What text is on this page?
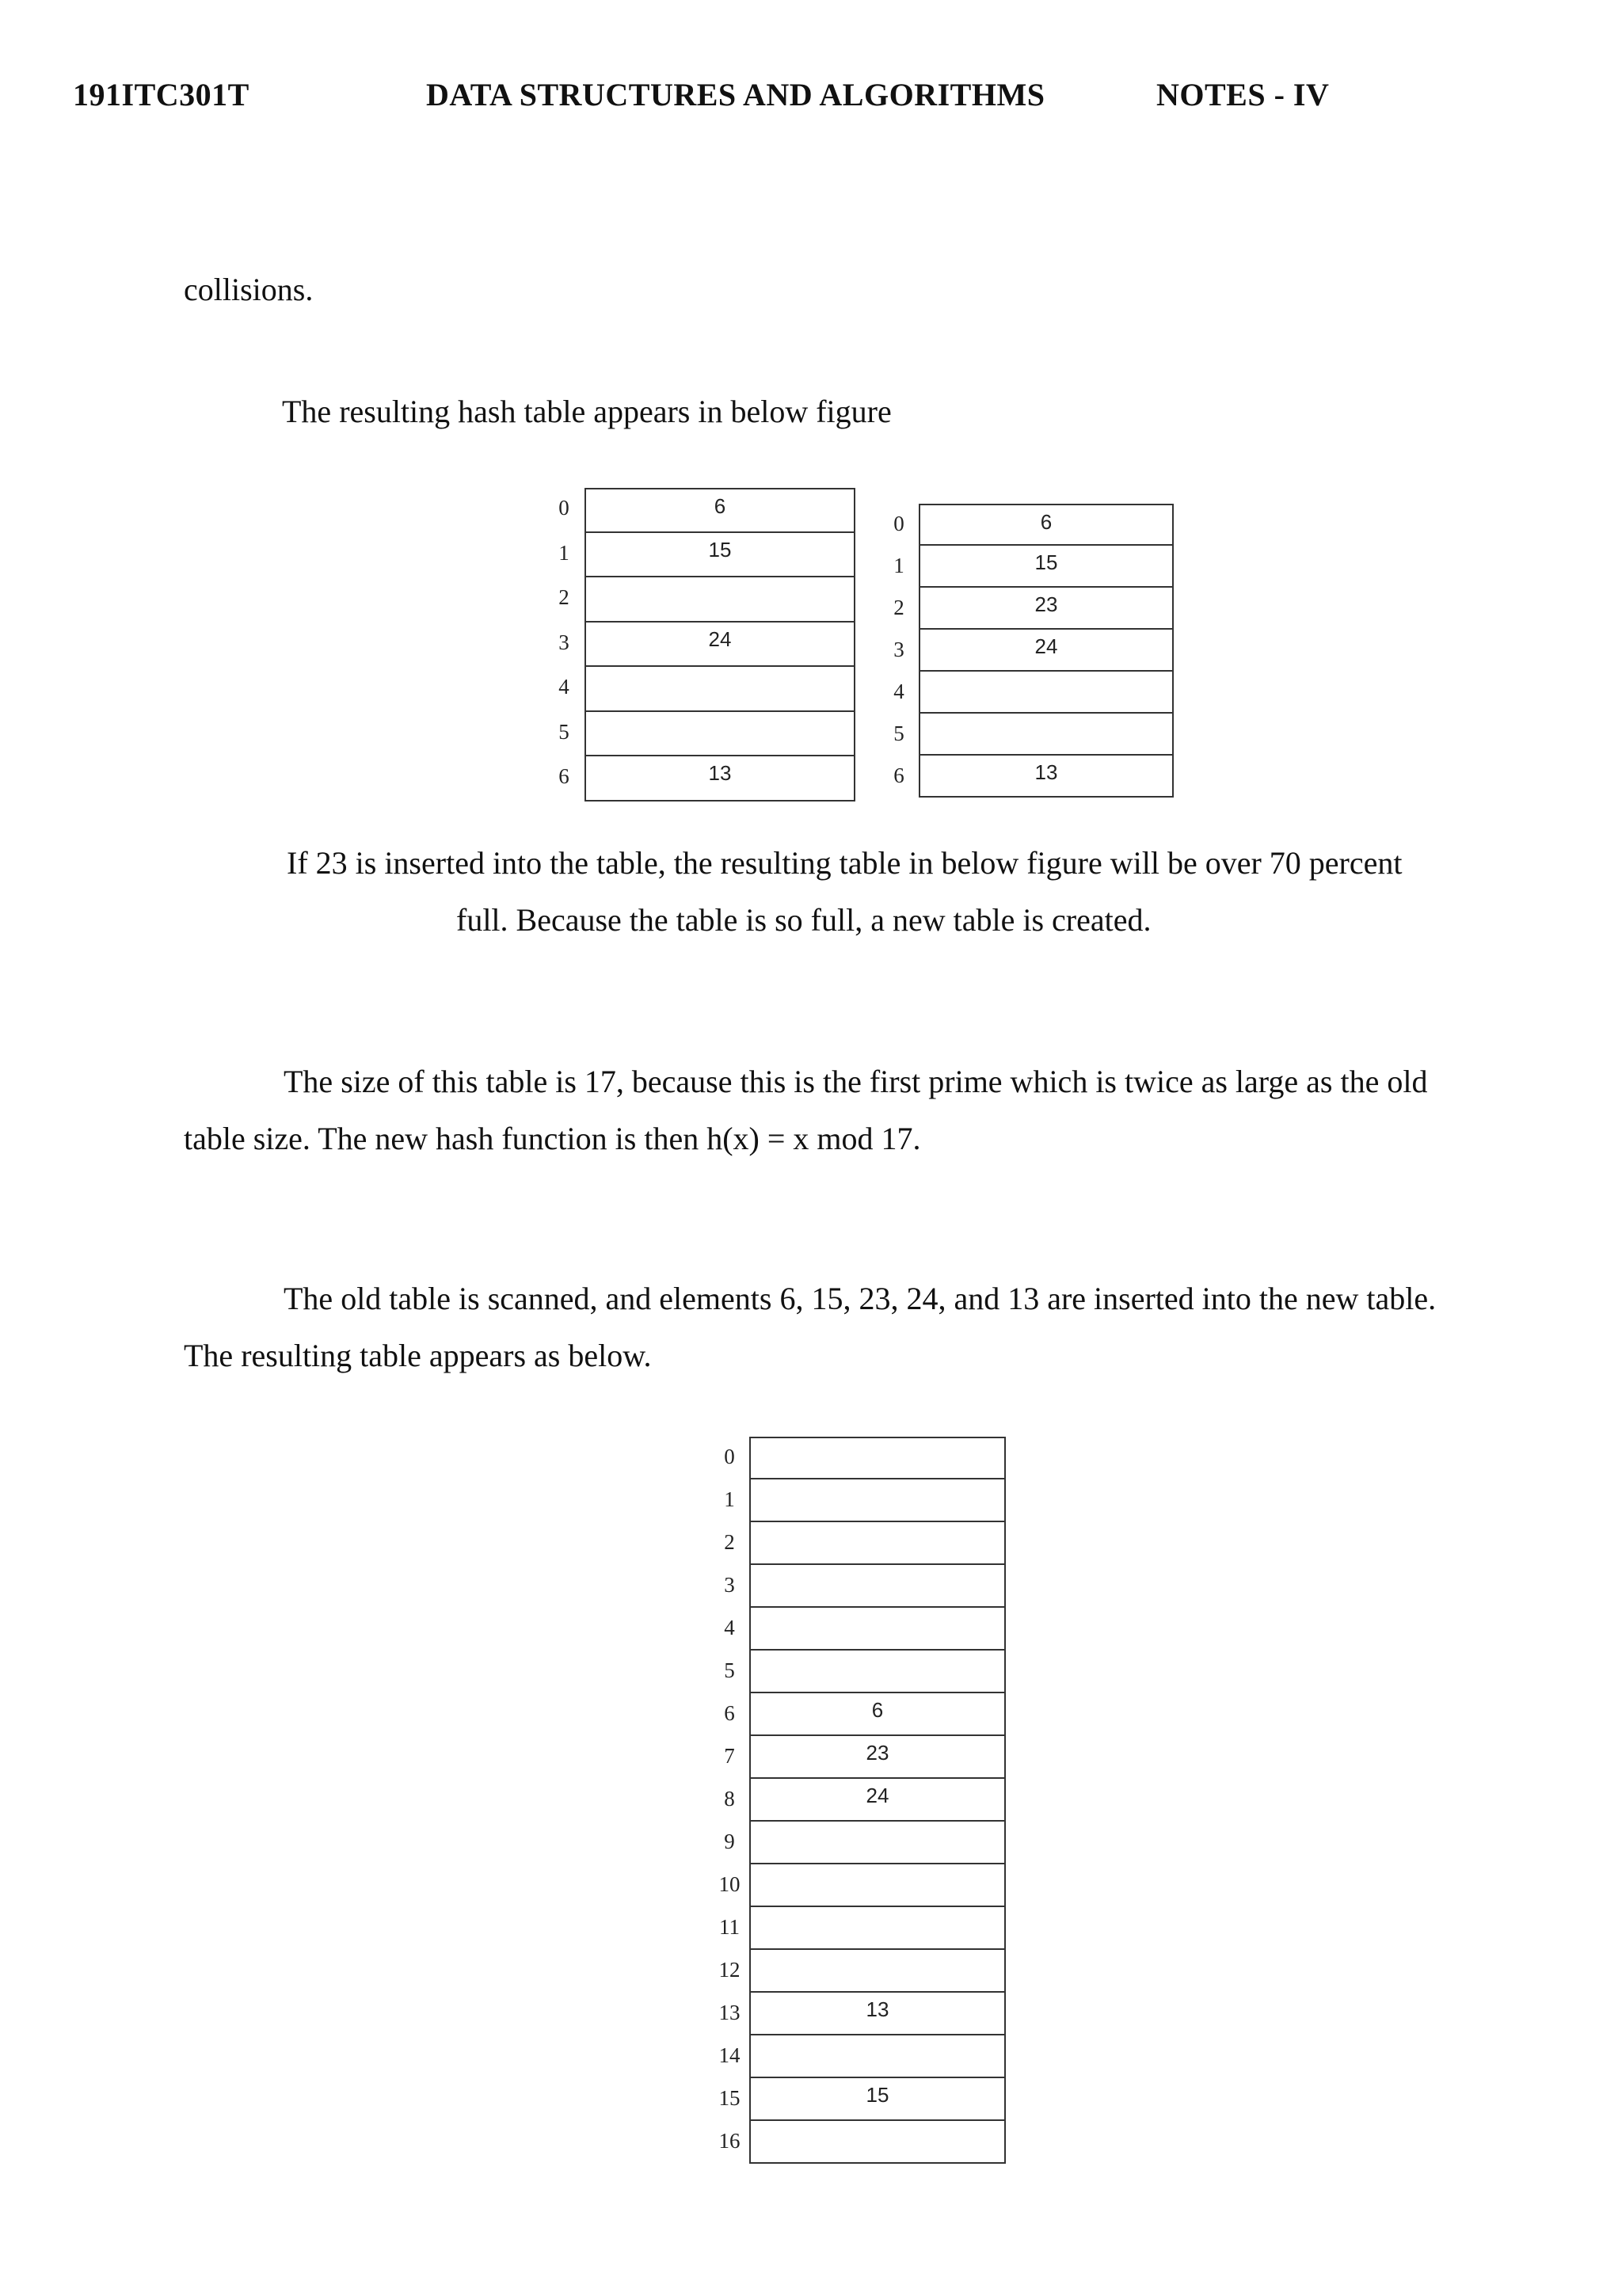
191ITC301T	DATA STRUCTURES AND ALGORITHMS	NOTES - IV
collisions.
The resulting hash table appears in below figure
0	6
1	15
2
3	24
4
5
6	13
0	6
1	15
2	23
3	24
4
5
6	13
If 23 is inserted into the table, the resulting table in below figure will be over 70 percent
full. Because the table is so full, a new table is created.
The size of this table is 17, because this is the first prime which is twice as large as the old table size. The new hash function is then h(x) = x mod 17.
The old table is scanned, and elements 6, 15, 23, 24, and 13 are inserted into the new table. The resulting table appears as below.
0
1
2
3
4
5
6	6
7	23
8	24
9
10
11
12
13	13
14
15	15
16
